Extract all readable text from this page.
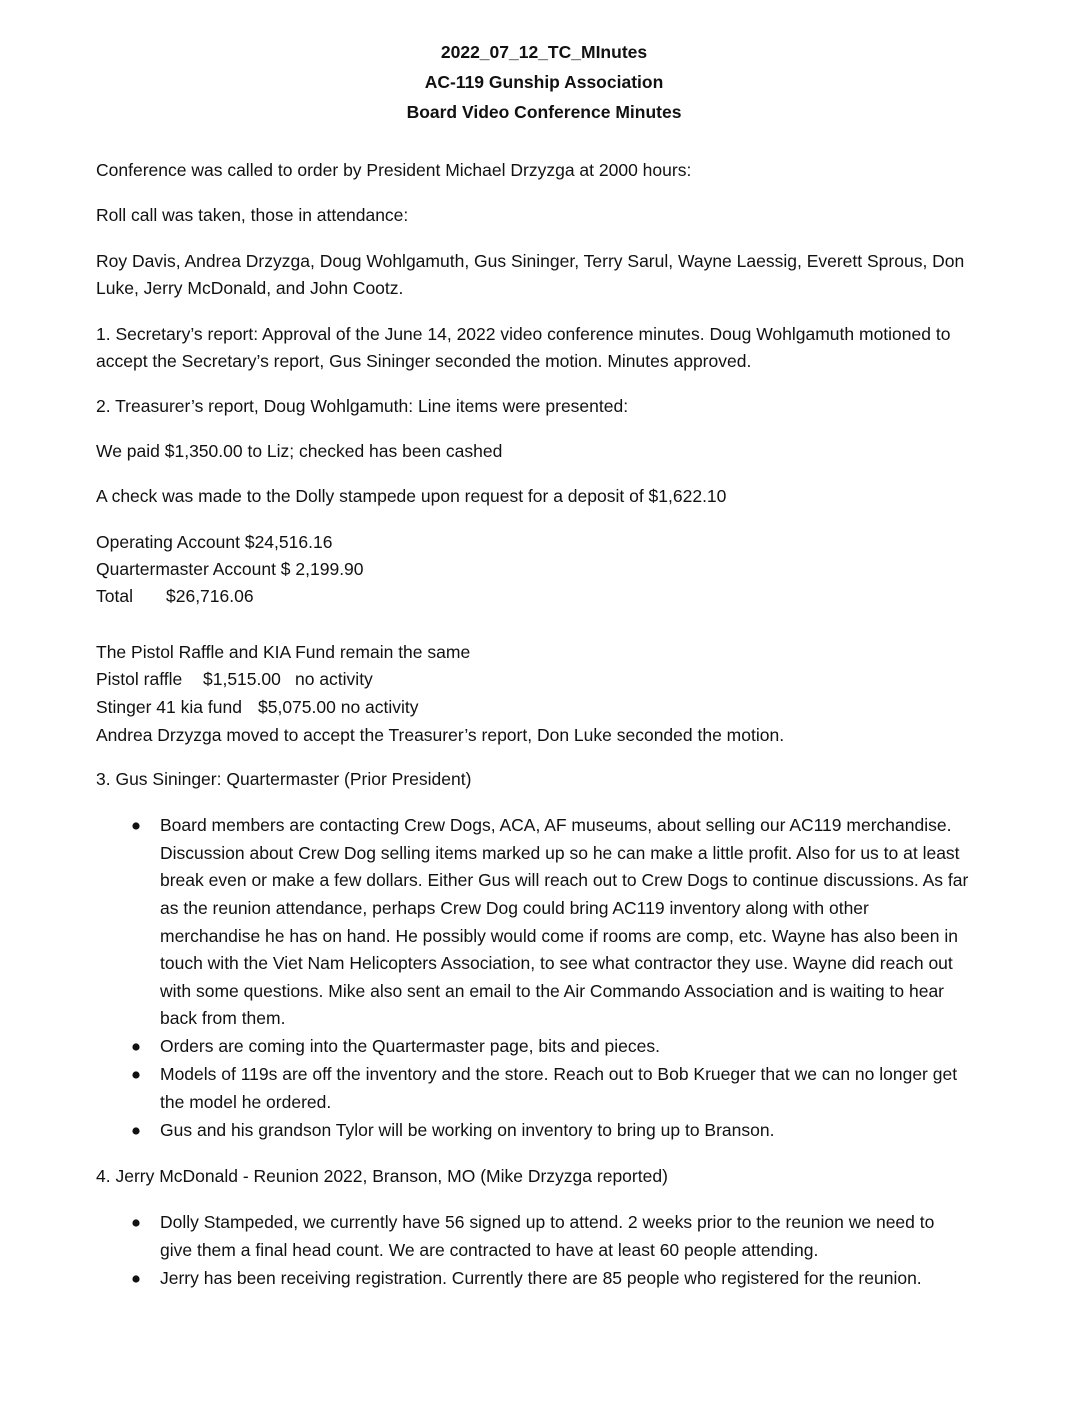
2022_07_12_TC_MInutes
AC-119 Gunship Association
Board Video Conference Minutes
Conference was called to order by President Michael Drzyzga at 2000 hours:
Roll call was taken, those in attendance:
Roy Davis, Andrea Drzyzga, Doug Wohlgamuth, Gus Sininger, Terry Sarul, Wayne Laessig, Everett Sprous, Don
Luke, Jerry McDonald, and John Cootz.
1. Secretary’s report: Approval of the June 14, 2022 video conference minutes. Doug Wohlgamuth motioned to
accept the Secretary’s report, Gus Sininger seconded the motion. Minutes approved.
2. Treasurer’s report, Doug Wohlgamuth: Line items were presented:
We paid $1,350.00 to Liz; checked has been cashed
A check was made to the Dolly stampede upon request for a deposit of $1,622.10
Operating Account $24,516.16
Quartermaster Account $ 2,199.90
Total $26,716.06
The Pistol Raffle and KIA Fund remain the same
Pistol raffle $1,515.00 no activity
Stinger 41 kia fund $5,075.00 no activity
Andrea Drzyzga moved to accept the Treasurer’s report, Don Luke seconded the motion.
3. Gus Sininger: Quartermaster (Prior President)
Board members are contacting Crew Dogs, ACA, AF museums, about selling our AC119 merchandise.
Discussion about Crew Dog selling items marked up so he can make a little profit. Also for us to at least
break even or make a few dollars. Either Gus will reach out to Crew Dogs to continue discussions. As far
as the reunion attendance, perhaps Crew Dog could bring AC119 inventory along with other
merchandise he has on hand. He possibly would come if rooms are comp, etc. Wayne has also been in
touch with the Viet Nam Helicopters Association, to see what contractor they use. Wayne did reach out
with some questions. Mike also sent an email to the Air Commando Association and is waiting to hear
back from them.
Orders are coming into the Quartermaster page, bits and pieces.
Models of 119s are off the inventory and the store. Reach out to Bob Krueger that we can no longer get
the model he ordered.
Gus and his grandson Tylor will be working on inventory to bring up to Branson.
4. Jerry McDonald - Reunion 2022, Branson, MO (Mike Drzyzga reported)
Dolly Stampeded, we currently have 56 signed up to attend. 2 weeks prior to the reunion we need to
give them a final head count. We are contracted to have at least 60 people attending.
Jerry has been receiving registration. Currently there are 85 people who registered for the reunion.
